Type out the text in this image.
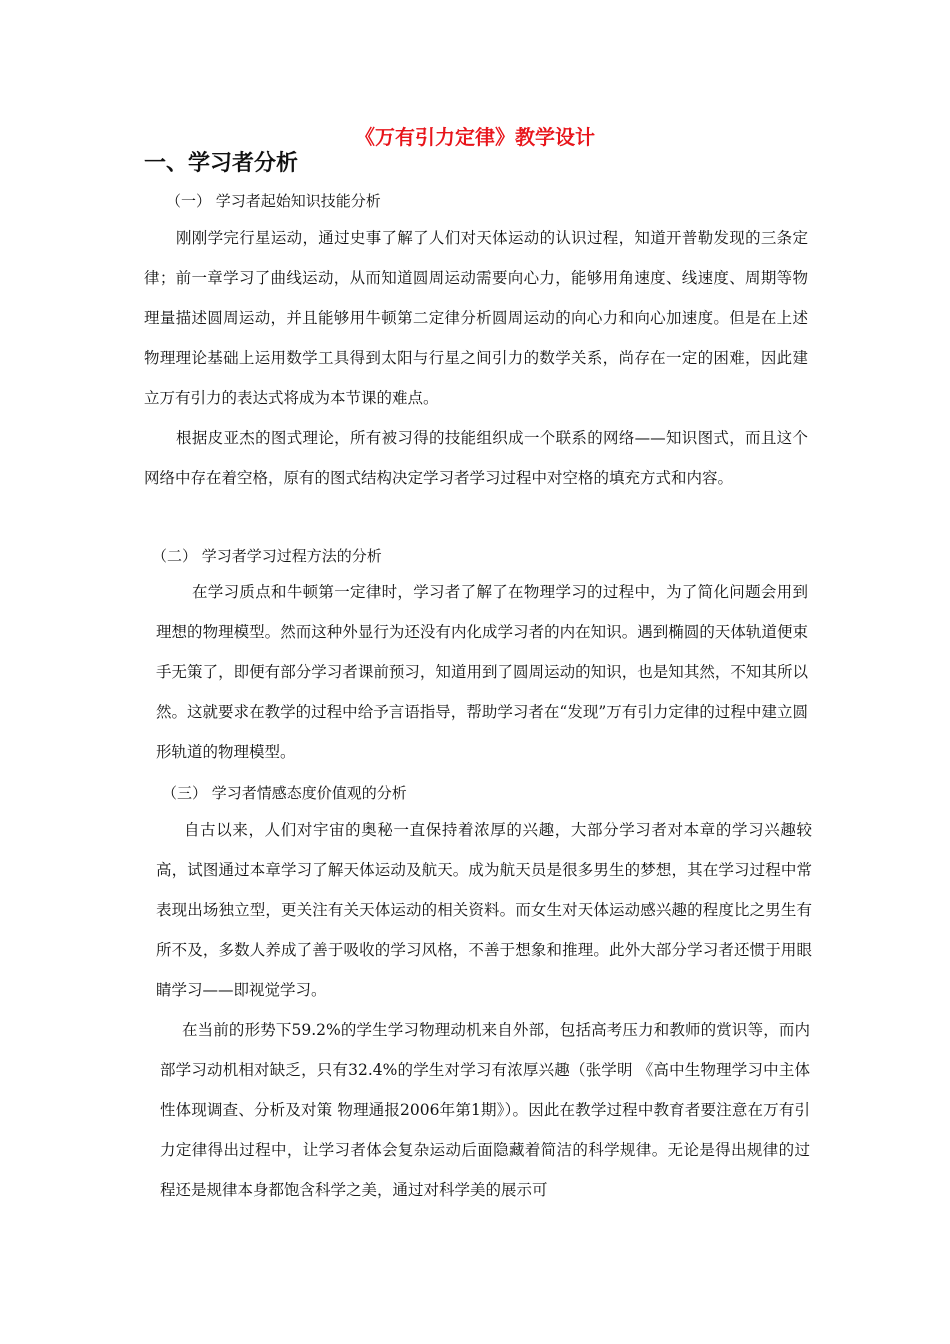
《万有引力定律》教学设计
一、学习者分析
（一） 学习者起始知识技能分析

刚刚学完行星运动，通过史事了解了人们对天体运动的认识过程，知道开普勒发现的三条定律；前一章学习了曲线运动，从而知道圆周运动需要向心力，能够用角速度、线速度、周期等物理量描述圆周运动，并且能够用牛顿第二定律分析圆周运动的向心力和向心加速度。但是在上述物理理论基础上运用数学工具得到太阳与行星之间引力的数学关系，尚存在一定的困难，因此建立万有引力的表达式将成为本节课的难点。

根据皮亚杰的图式理论，所有被习得的技能组织成一个联系的网络——知识图式，而且这个网络中存在着空格，原有的图式结构决定学习者学习过程中对空格的填充方式和内容。

（二） 学习者学习过程方法的分析

在学习质点和牛顿第一定律时，学习者了解了在物理学习的过程中，为了简化问题会用到理想的物理模型。然而这种外显行为还没有内化成学习者的内在知识。遇到椭圆的天体轨道便束手无策了，即便有部分学习者课前预习，知道用到了圆周运动的知识，也是知其然，不知其所以然。这就要求在教学的过程中给予言语指导，帮助学习者在“发现”万有引力定律的过程中建立圆形轨道的物理模型。

（三） 学习者情感态度价值观的分析

自古以来，人们对宇宙的奥秘一直保持着浓厚的兴趣，大部分学习者对本章的学习兴趣较高，试图通过本章学习了解天体运动及航天。成为航天员是很多男生的梦想，其在学习过程中常表现出场独立型，更关注有关天体运动的相关资料。而女生对天体运动感兴趣的程度比之男生有所不及，多数人养成了善于吸收的学习风格，不善于想象和推理。此外大部分学习者还惯于用眼睛学习——即视觉学习。

在当前的形势下59.2%的学生学习物理动机来自外部，包括高考压力和教师的赏识等，而内部学习动机相对缺乏，只有32.4%的学生对学习有浓厚兴趣（张学明 《高中生物理学习中主体性体现调查、分析及对策 物理通报2006年第1期》）。因此在教学过程中教育者要注意在万有引力定律得出过程中，让学习者体会复杂运动后面隐藏着简洁的科学规律。无论是得出规律的过程还是规律本身都饱含科学之美，通过对科学美的展示可
